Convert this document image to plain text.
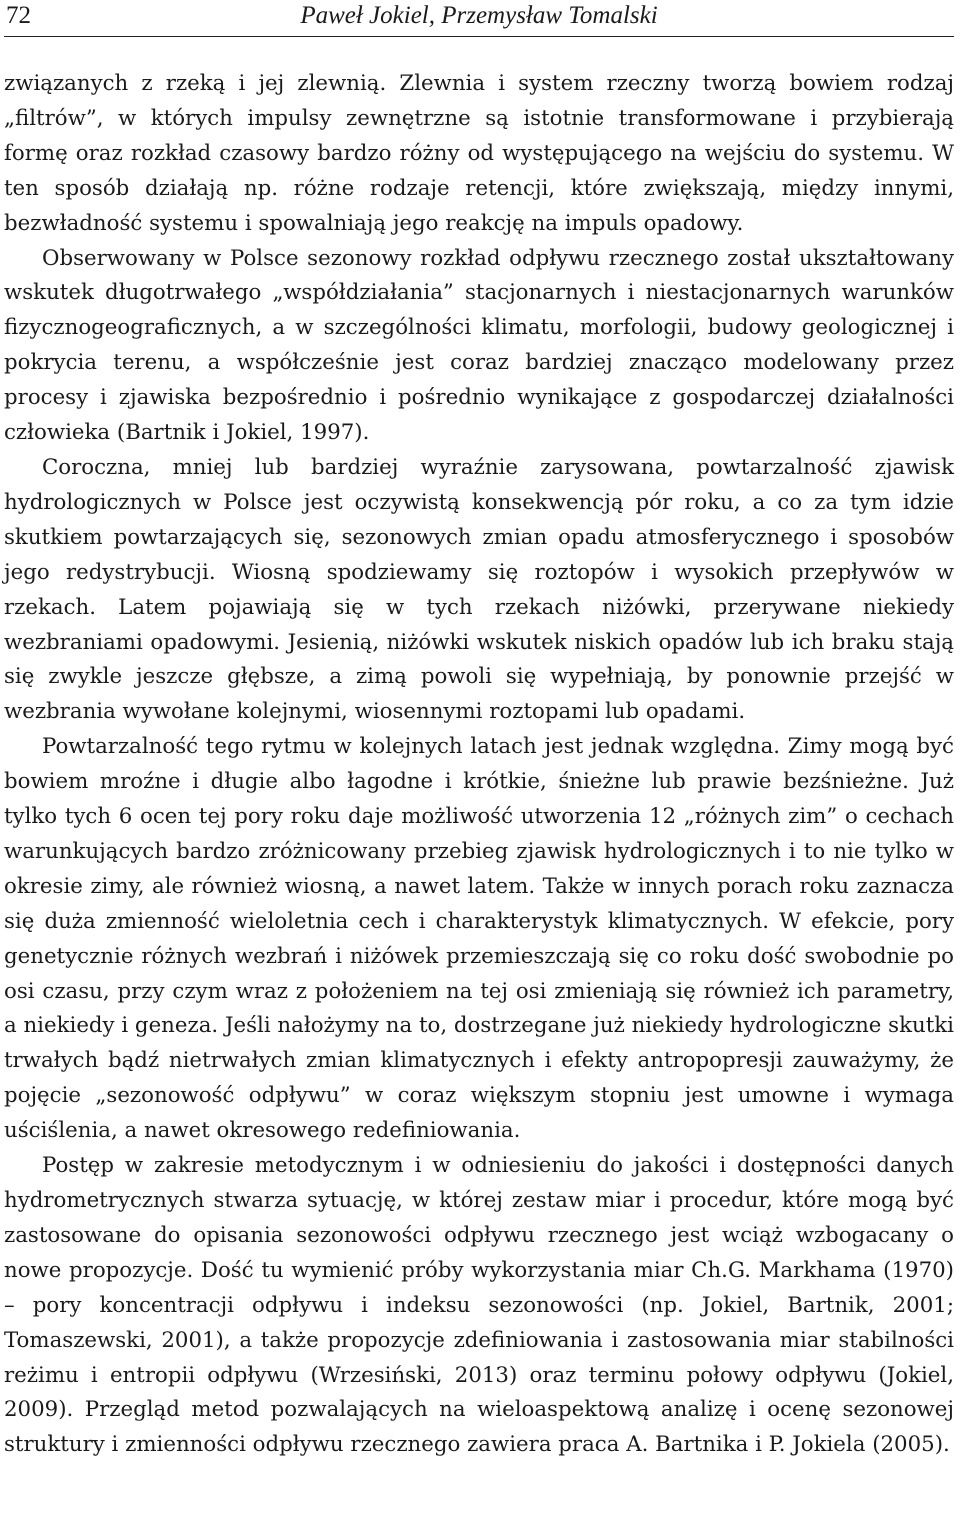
72	Paweł Jokiel, Przemysław Tomalski

związanych z rzeką i jej zlewnią. Zlewnia i system rzeczny tworzą bowiem rodzaj „filtrów”, w których impulsy zewnętrzne są istotnie transformowane i przybierają formę oraz rozkład czasowy bardzo różny od występującego na wejściu do systemu. W ten sposób działają np. różne rodzaje retencji, które zwiększają, między innymi, bezwładność systemu i spowalniają jego reakcję na impuls opadowy.

Obserwowany w Polsce sezonowy rozkład odpływu rzecznego został ukształtowany wskutek długotrwałego „współdziałania” stacjonarnych i niestacjonarnych warunków fizycznogeograficznych, a w szczególności klimatu, morfologii, budowy geologicznej i pokrycia terenu, a współcześnie jest coraz bardziej znacząco modelowany przez procesy i zjawiska bezpośrednio i pośrednio wynikające z gospodarczej działalności człowieka (Bartnik i Jokiel, 1997).

Coroczna, mniej lub bardziej wyraźnie zarysowana, powtarzalność zjawisk hydrologicznych w Polsce jest oczywistą konsekwencją pór roku, a co za tym idzie skutkiem powtarzających się, sezonowych zmian opadu atmosferycznego i sposobów jego redystrybucji. Wiosną spodziewamy się roztopów i wysokich przepływów w rzekach. Latem pojawiają się w tych rzekach niżówki, przerywane niekiedy wezbraniami opadowymi. Jesienią, niżówki wskutek niskich opadów lub ich braku stają się zwykle jeszcze głębsze, a zimą powoli się wypełniają, by ponownie przejść w wezbrania wywołane kolejnymi, wiosennymi roztopami lub opadami.

Powtarzalność tego rytmu w kolejnych latach jest jednak względna. Zimy mogą być bowiem mroźne i długie albo łagodne i krótkie, śnieżne lub prawie bezśnieżne. Już tylko tych 6 ocen tej pory roku daje możliwość utworzenia 12 „różnych zim” o cechach warunkujących bardzo zróżnicowany przebieg zjawisk hydrologicznych i to nie tylko w okresie zimy, ale również wiosną, a nawet latem. Także w innych porach roku zaznacza się duża zmienność wieloletnia cech i charakterystyk klimatycznych. W efekcie, pory genetycznie różnych wezbrań i niżówek przemieszczają się co roku dość swobodnie po osi czasu, przy czym wraz z położeniem na tej osi zmieniają się również ich parametry, a niekiedy i geneza. Jeśli nałożymy na to, dostrzegane już niekiedy hydrologiczne skutki trwałych bądź nietrwałych zmian klimatycznych i efekty antropopresji zauważymy, że pojęcie „sezonowość odpływu” w coraz większym stopniu jest umowne i wymaga uściślenia, a nawet okresowego redefiniowania.

Postęp w zakresie metodycznym i w odniesieniu do jakości i dostępności danych hydrometrycznych stwarza sytuację, w której zestaw miar i procedur, które mogą być zastosowane do opisania sezonowości odpływu rzecznego jest wciąż wzbogacany o nowe propozycje. Dość tu wymienić próby wykorzystania miar Ch.G. Markhama (1970) – pory koncentracji odpływu i indeksu sezonowości (np. Jokiel, Bartnik, 2001; Tomaszewski, 2001), a także propozycje zdefiniowania i zastosowania miar stabilności reżimu i entropii odpływu (Wrzesiński, 2013) oraz terminu połowy odpływu (Jokiel, 2009). Przegląd metod pozwalających na wieloaspektową analizę i ocenę sezonowej struktury i zmienności odpływu rzecznego zawiera praca A. Bartnika i P. Jokiela (2005).
